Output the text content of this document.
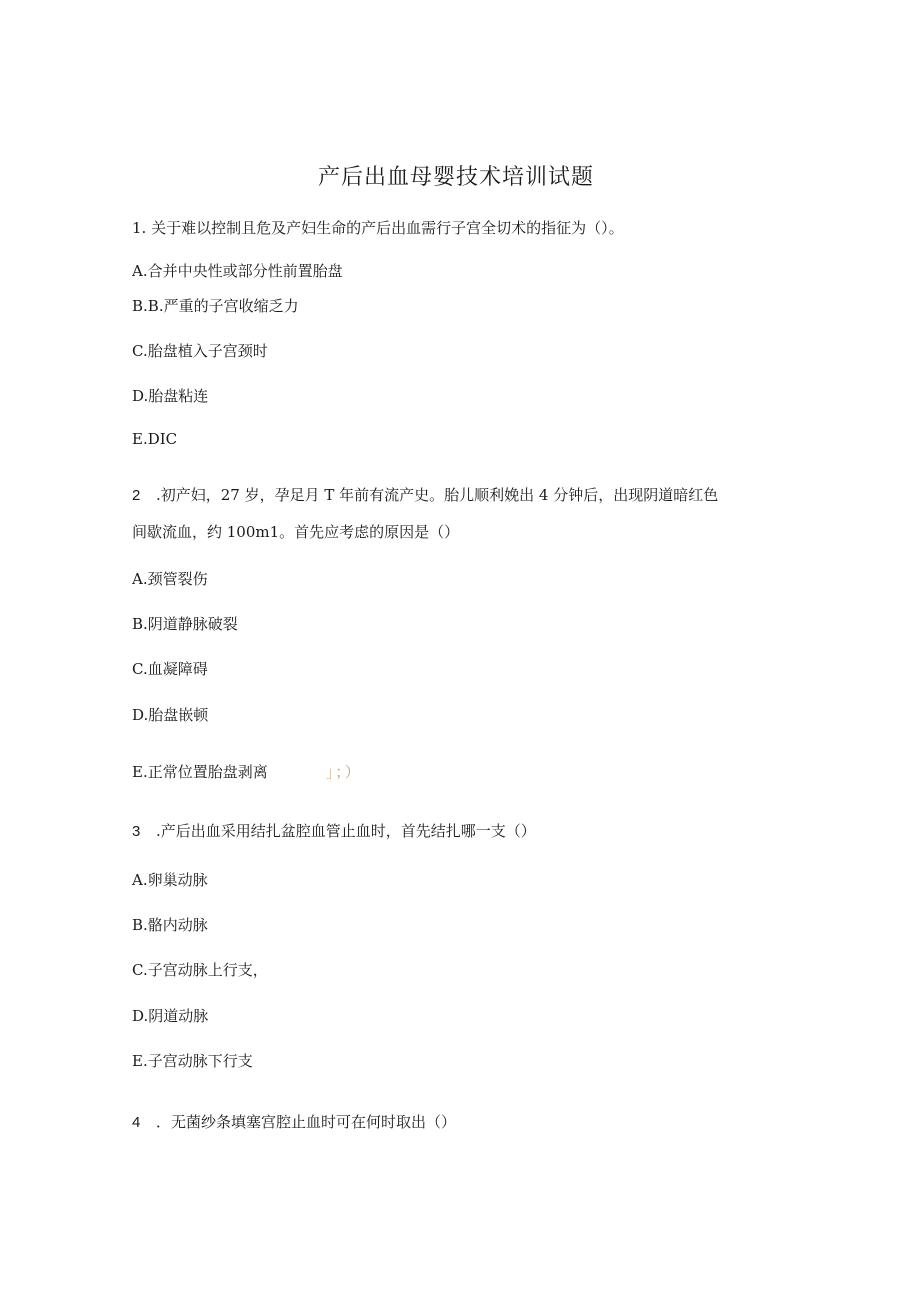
产后出血母婴技术培训试题
1. 关于难以控制且危及产妇生命的产后出血需行子宫全切术的指征为（）。
A.合并中央性或部分性前置胎盘
B.B.严重的子宫收缩乏力
C.胎盘植入子宫颈时
D.胎盘粘连
E.DIC
2 .初产妇，27 岁，孕足月 T 年前有流产史。胎儿顺利娩出 4 分钟后，出现阴道暗红色
间歇流血，约 100m1。首先应考虑的原因是（）
A.颈管裂伤
B.阴道静脉破裂
C.血凝障碍
D.胎盘嵌顿
E.正常位置胎盘剥离	」；）
3 .产后出血采用结扎盆腔血管止血时，首先结扎哪一支（）
A.卵巢动脉
B.骼内动脉
C.子宫动脉上行支，
D.阴道动脉
E.子宫动脉下行支
4 ．无菌纱条填塞宫腔止血时可在何时取出（）
